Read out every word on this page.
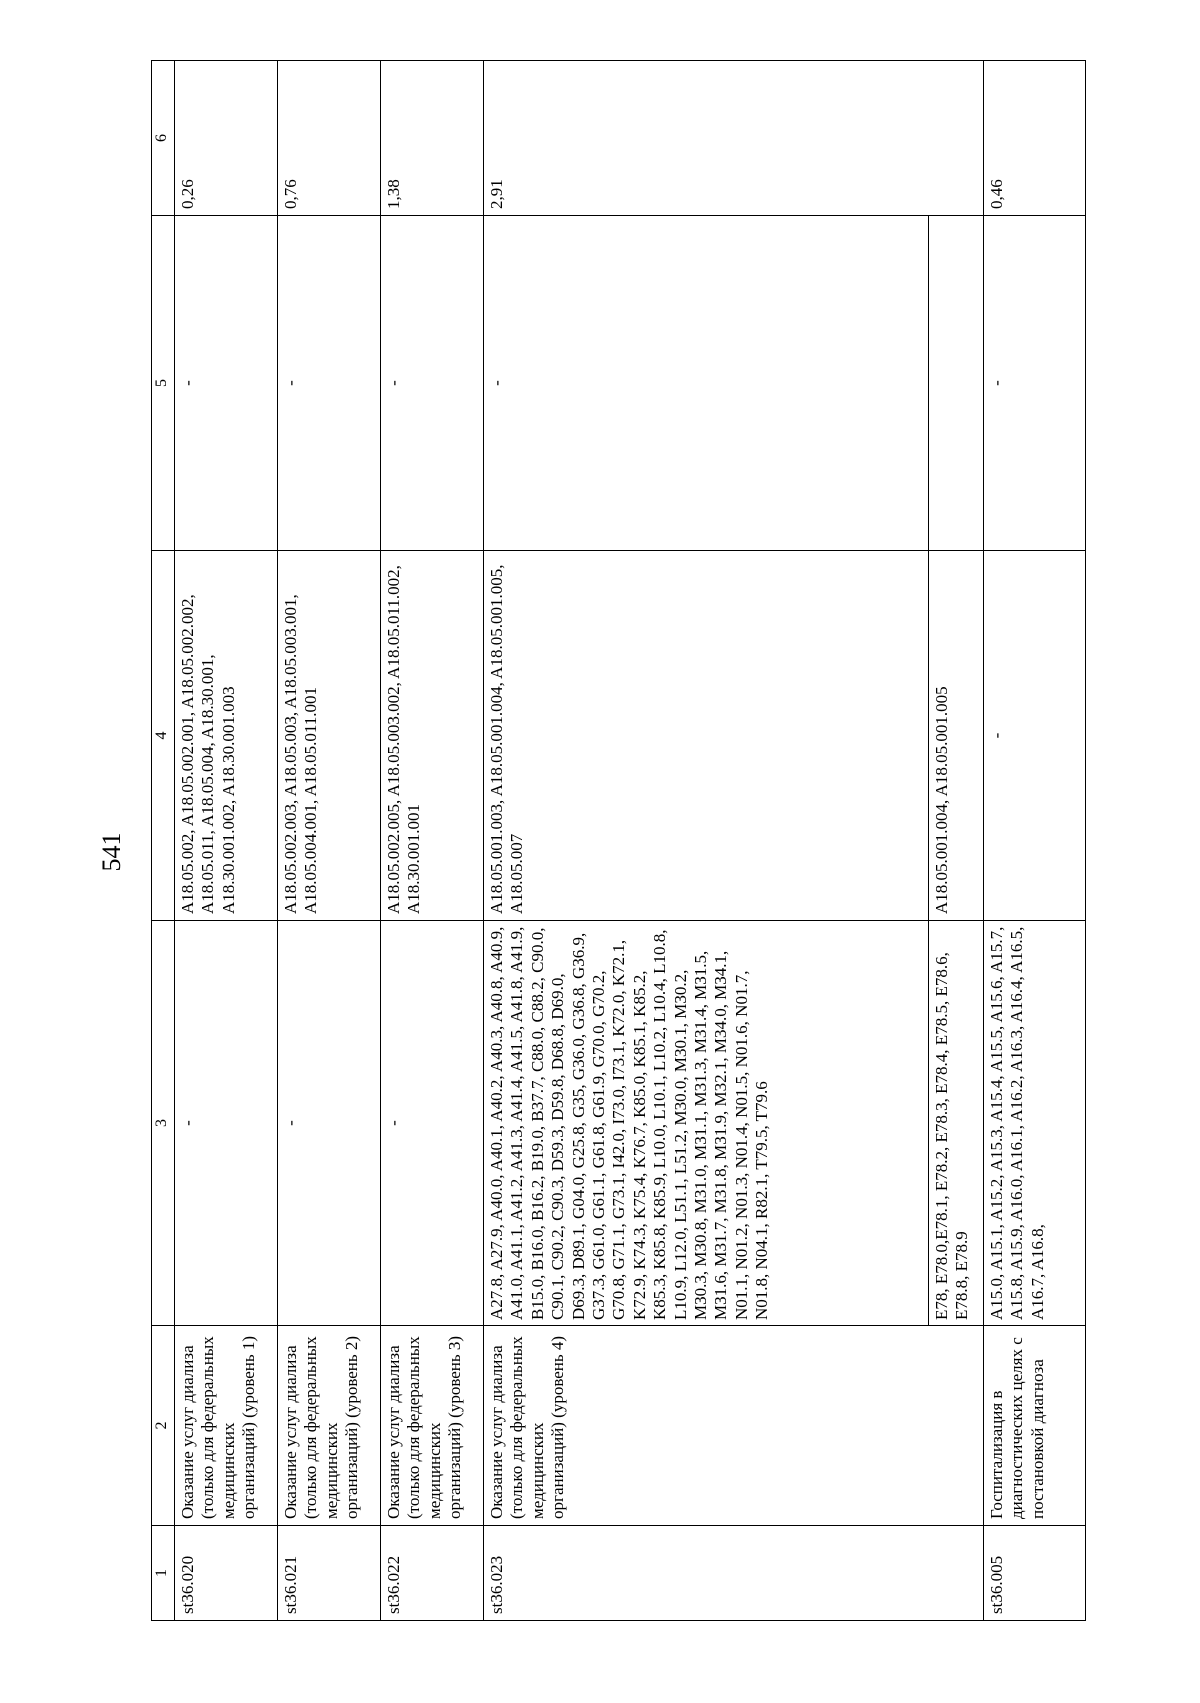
541
1	2	3	4	5	6
st36.020	Оказание услуг диализа (только для федеральных медицинских организаций) (уровень 1)	-	A18.05.002, A18.05.002.001, A18.05.002.002, A18.05.011, A18.05.004, A18.30.001, A18.30.001.002, A18.30.001.003	-	0,26
st36.021	Оказание услуг диализа (только для федеральных медицинских организаций) (уровень 2)	-	A18.05.002.003, A18.05.003, A18.05.003.001, A18.05.004.001, A18.05.011.001	-	0,76
st36.022	Оказание услуг диализа (только для федеральных медицинских организаций) (уровень 3)	-	A18.05.002.005, A18.05.003.002, A18.05.011.002, A18.30.001.001	-	1,38
st36.023	Оказание услуг диализа (только для федеральных медицинских организаций) (уровень 4)	A27.8, A27.9, A40.0, A40.1, A40.2, A40.3, A40.8, A40.9, A41.0, A41.1, A41.2, A41.3, A41.4, A41.5, A41.8, A41.9, B15.0, B16.0, B16.2, B19.0, B37.7, C88.0, C88.2, C90.0, C90.1, C90.2, C90.3, D59.3, D59.8, D68.8, D69.0, D69.3, D89.1, G04.0, G25.8, G35, G36.0, G36.8, G36.9, G37.3, G61.0, G61.1, G61.8, G61.9, G70.0, G70.2, G70.8, G71.1, G73.1, I42.0, I73.0, I73.1, K72.0, K72.1, K72.9, K74.3, K75.4, K76.7, K85.0, K85.1, K85.2, K85.3, K85.8, K85.9, L10.0, L10.1, L10.2, L10.4, L10.8, L10.9, L12.0, L51.1, L51.2, M30.0, M30.1, M30.2, M30.3, M30.8, M31.0, M31.1, M31.3, M31.4, M31.5, M31.6, M31.7, M31.8, M31.9, M32.1, M34.0, M34.1, N01.1, N01.2, N01.3, N01.4, N01.5, N01.6, N01.7, N01.8, N04.1, R82.1, T79.5, T79.6	A18.05.001.003, A18.05.001.004, A18.05.001.005, A18.05.007	-	2,91
		E78, E78.0,E78.1, E78.2, E78.3, E78.4, E78.5, E78.6, E78.8, E78.9	A18.05.001.004, A18.05.001.005		
st36.005	Госпитализация в диагностических целях с постановкой диагноза	A15.0, A15.1, A15.2, A15.3, A15.4, A15.5, A15.6, A15.7, A15.8, A15.9, A16.0, A16.1, A16.2, A16.3, A16.4, A16.5, A16.7, A16.8,	-	-	0,46
